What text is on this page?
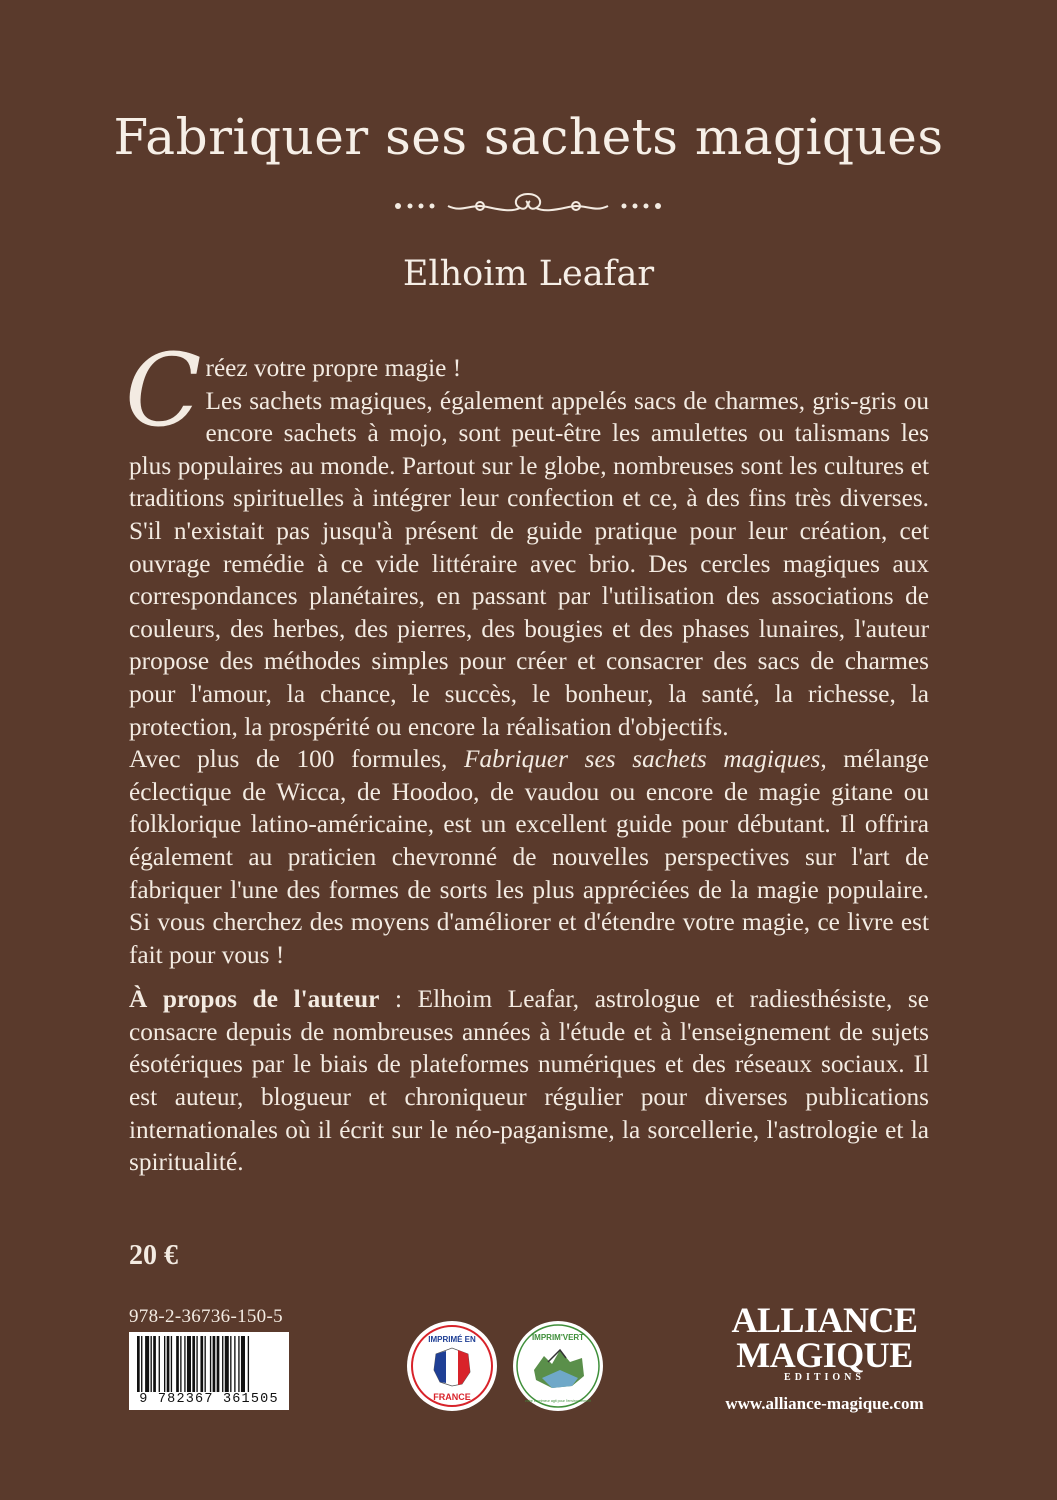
Fabriquer ses sachets magiques
Elhoim Leafar

Créez votre propre magie !
Les sachets magiques, également appelés sacs de charmes, gris-gris ou encore sachets à mojo, sont peut-être les amulettes ou talismans les plus populaires au monde. Partout sur le globe, nombreuses sont les cultures et traditions spirituelles à intégrer leur confection et ce, à des fins très diverses. S'il n'existait pas jusqu'à présent de guide pratique pour leur création, cet ouvrage remédie à ce vide littéraire avec brio. Des cercles magiques aux correspondances planétaires, en passant par l'utilisation des associations de couleurs, des herbes, des pierres, des bougies et des phases lunaires, l'auteur propose des méthodes simples pour créer et consacrer des sacs de charmes pour l'amour, la chance, le succès, le bonheur, la santé, la richesse, la protection, la prospérité ou encore la réalisation d'objectifs.

Avec plus de 100 formules, Fabriquer ses sachets magiques, mélange éclectique de Wicca, de Hoodoo, de vaudou ou encore de magie gitane ou folklorique latino-américaine, est un excellent guide pour débutant. Il offrira également au praticien chevronné de nouvelles perspectives sur l'art de fabriquer l'une des formes de sorts les plus appréciées de la magie populaire. Si vous cherchez des moyens d'améliorer et d'étendre votre magie, ce livre est fait pour vous !

À propos de l'auteur : Elhoim Leafar, astrologue et radiesthésiste, se consacre depuis de nombreuses années à l'étude et à l'enseignement de sujets ésotériques par le biais de plateformes numériques et des réseaux sociaux. Il est auteur, blogueur et chroniqueur régulier pour diverses publications internationales où il écrit sur le néo-paganisme, la sorcellerie, l'astrologie et la spiritualité.

20 €
978-2-36736-150-5
9 782367 361505
IMPRIMÉ EN
FRANCE
IMPRIM'VERT
votre imprimeur agit pour l'environnement
ALLIANCE
MAGIQUE
EDITIONS
www.alliance-magique.com
